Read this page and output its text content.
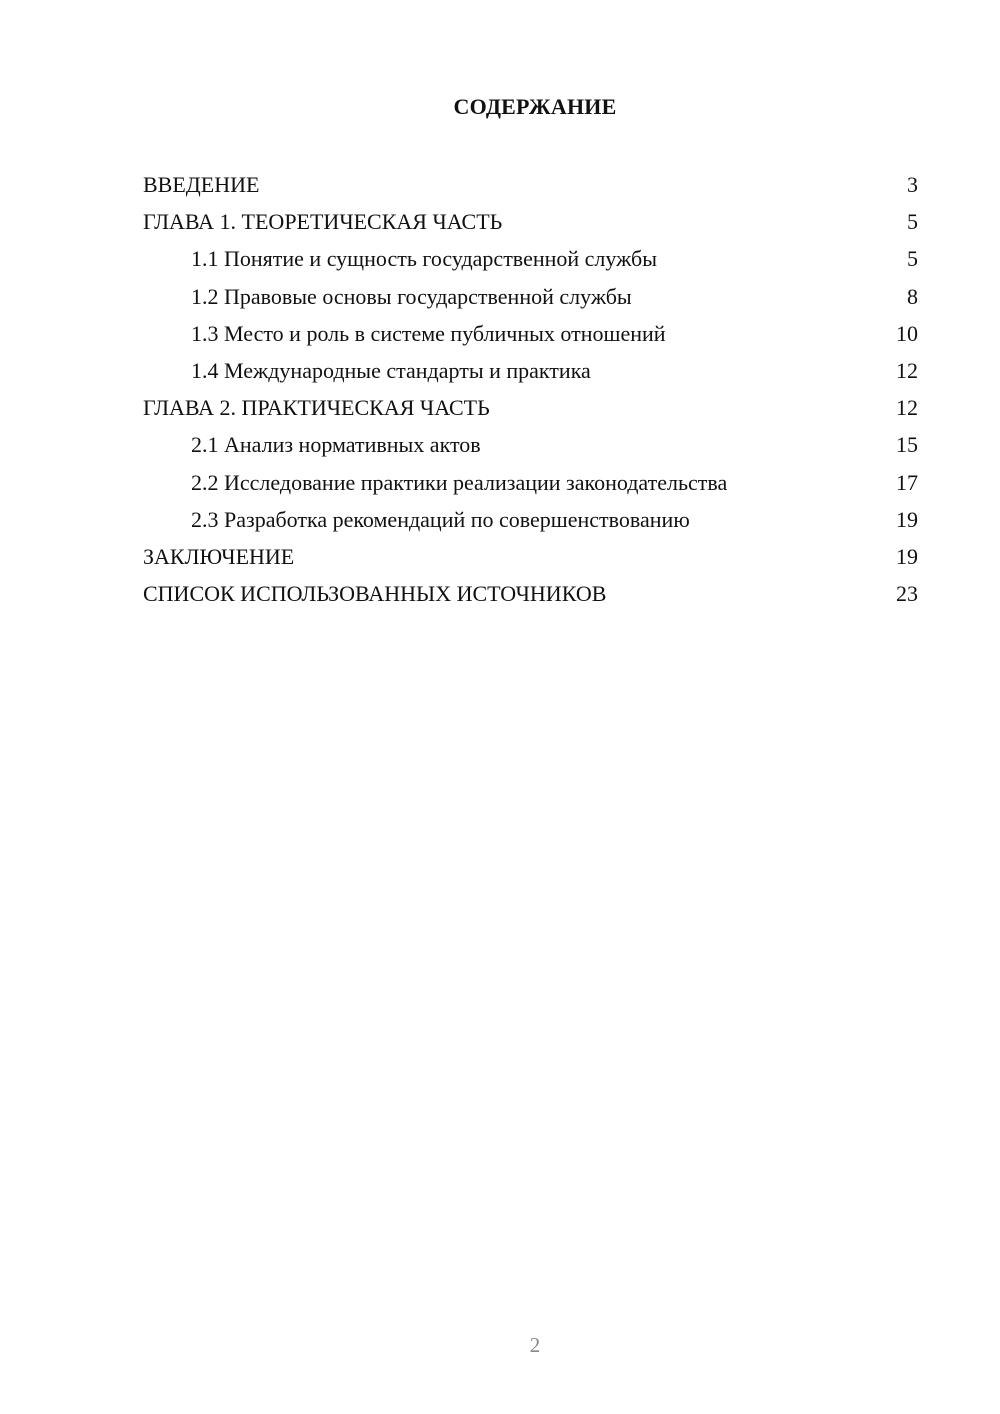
СОДЕРЖАНИЕ
ВВЕДЕНИЕ	3
ГЛАВА 1. ТЕОРЕТИЧЕСКАЯ ЧАСТЬ	5
1.1 Понятие и сущность государственной службы	5
1.2 Правовые основы государственной службы	8
1.3 Место и роль в системе публичных отношений	10
1.4 Международные стандарты и практика	12
ГЛАВА 2. ПРАКТИЧЕСКАЯ ЧАСТЬ	12
2.1 Анализ нормативных актов	15
2.2 Исследование практики реализации законодательства	17
2.3 Разработка рекомендаций по совершенствованию	19
ЗАКЛЮЧЕНИЕ	19
СПИСОК ИСПОЛЬЗОВАННЫХ ИСТОЧНИКОВ	23
2
